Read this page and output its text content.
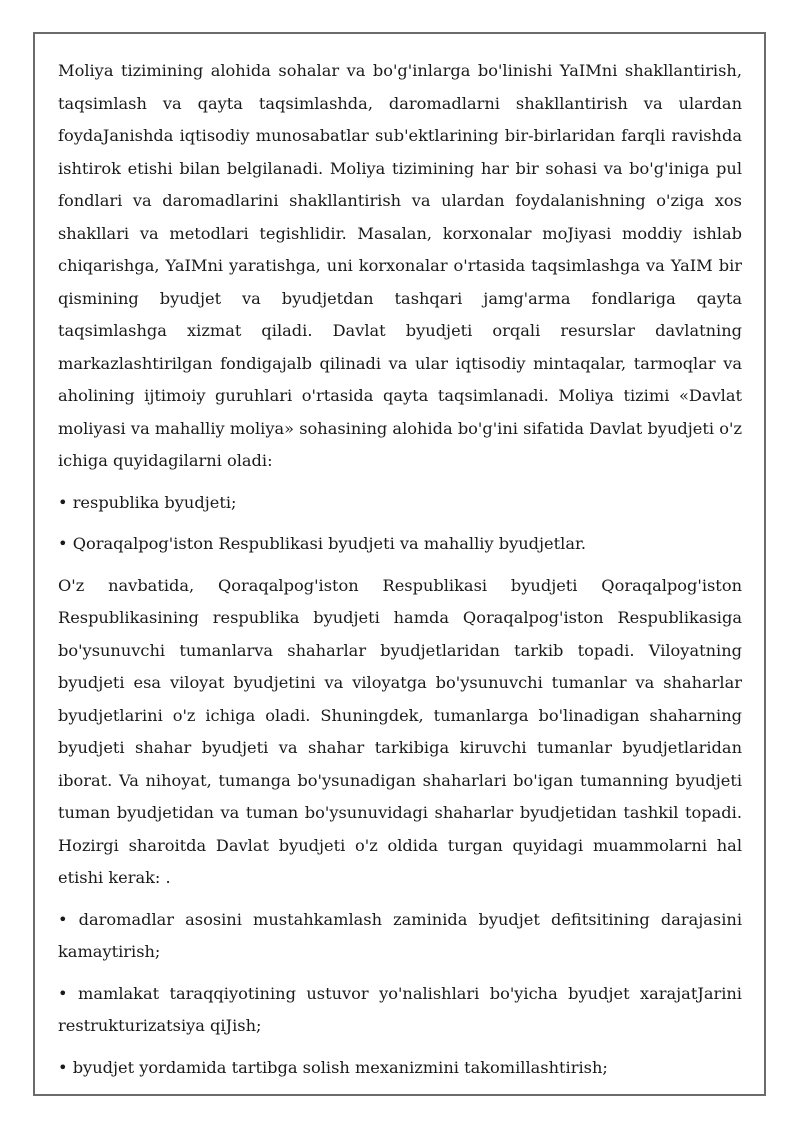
Moliya tizimining alohida sohalar va bo'g'inlarga bo'linishi YaIMni shakllantirish, taqsimlash va qayta taqsimlashda, daromadlarni shakllantirish va ulardan foydaJanishda iqtisodiy munosabatlar sub'ektlarining bir-birlaridan farqli ravishda ishtirok etishi bilan belgilanadi. Moliya tizimining har bir sohasi va bo'g'iniga pul fondlari va daromadlarini shakllantirish va ulardan foydalanishning o'ziga xos shakllari va metodlari tegishlidir. Masalan, korxonalar moJiyasi moddiy ishlab chiqarishga, YaIMni yaratishga, uni korxonalar o'rtasida taqsimlashga va YaIM bir qismining byudjet va byudjetdan tashqari jamg'arma fondlariga qayta taqsimlashga xizmat qiladi. Davlat byudjeti orqali resurslar davlatning markazlashtirilgan fondigajalb qilinadi va ular iqtisodiy mintaqalar, tarmoqlar va aholining ijtimoiy guruhlari o'rtasida qayta taqsimlanadi. Moliya tizimi «Davlat moliyasi va mahalliy moliya» sohasining alohida bo'g'ini sifatida Davlat byudjeti o'z ichiga quyidagilarni oladi:

• respublika byudjeti;

• Qoraqalpog'iston Respublikasi byudjeti va mahalliy byudjetlar.

O'z navbatida, Qoraqalpog'iston Respublikasi byudjeti Qoraqalpog'iston Respublikasining respublika byudjeti hamda Qoraqalpog'iston Respublikasiga bo'ysunuvchi tumanlarva shaharlar byudjetlaridan tarkib topadi. Viloyatning byudjeti esa viloyat byudjetini va viloyatga bo'ysunuvchi tumanlar va shaharlar byudjetlarini o'z ichiga oladi. Shuningdek, tumanlarga bo'linadigan shaharning byudjeti shahar byudjeti va shahar tarkibiga kiruvchi tumanlar byudjetlaridan iborat. Va nihoyat, tumanga bo'ysunadigan shaharlari bo'igan tumanning byudjeti tuman byudjetidan va tuman bo'ysunuvidagi shaharlar byudjetidan tashkil topadi. Hozirgi sharoitda Davlat byudjeti o'z oldida turgan quyidagi muammolarni hal etishi kerak: .

• daromadlar asosini mustahkamlash zaminida byudjet defitsitining darajasini kamaytirish;

• mamlakat taraqqiyotining ustuvor yo'nalishlari bo'yicha byudjet xarajatJarini restrukturizatsiya qiJish;

• byudjet yordamida tartibga solish mexanizmini takomillashtirish;
